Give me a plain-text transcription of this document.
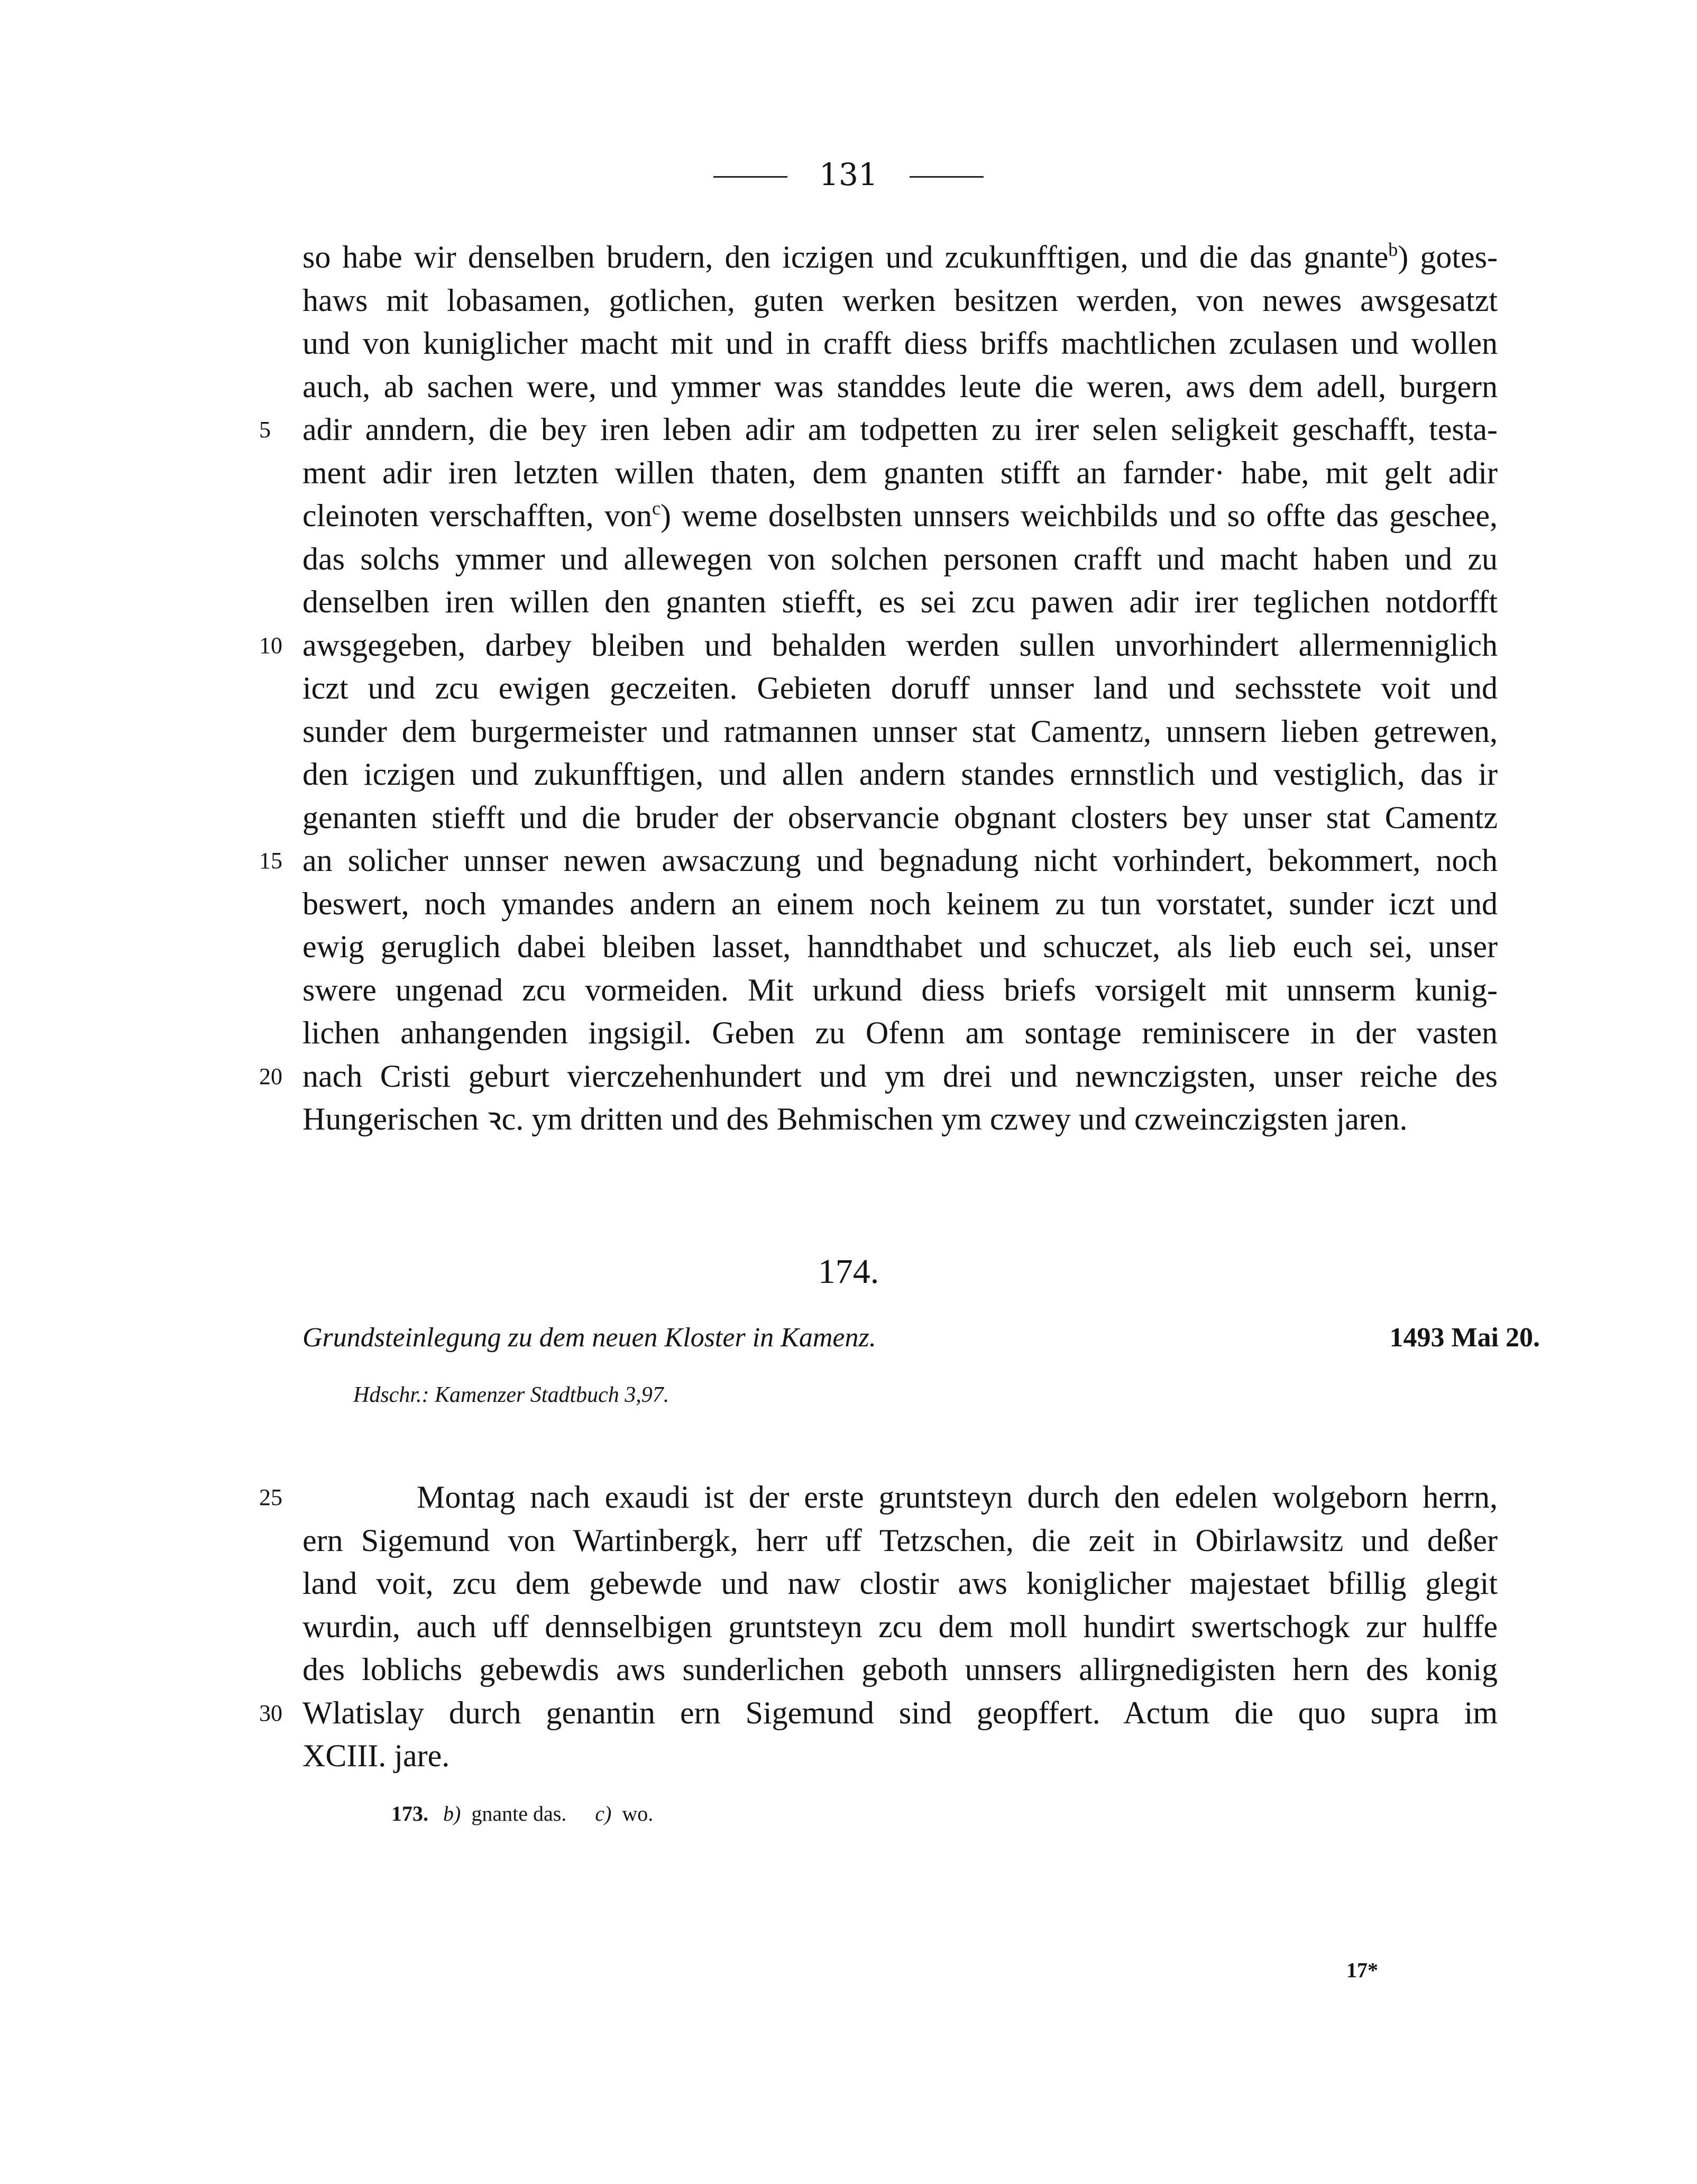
131
so habe wir denselben brudern, den iczigen und zcukunfftigen, und die das gnante$^b$) gotes-
haws mit lobasamen, gotlichen, guten werken besitzen werden, von newes awsgesatzt
und von kuniglicher macht mit und in crafft diess briffs machtlichen zculasen und wollen
auch, ab sachen were, und ymmer was standdes leute die weren, aws dem adell, burgern
5	adir anndern, die bey iren leben adir am todpetten zu irer selen seligkeit geschafft, testa-
ment adir iren letzten willen thaten, dem gnanten stifft an farnder· habe, mit gelt adir
cleinoten verschafften, von$^c$) weme doselbsten unnsers weichbilds und so offte das geschee,
das solchs ymmer und allewegen von solchen personen crafft und macht haben und zu
denselben iren willen den gnanten stiefft, es sei zcu pawen adir irer teglichen notdorfft
10 awsgegeben, darbey bleiben und behalden werden sullen unvorhindert allermenniglich
iczt und zcu ewigen geczeiten. Gebieten doruff unnser land und sechsstete voit und
sunder dem burgermeister und ratmannen unnser stat Camentz, unnsern lieben getrewen,
den iczigen und zukunfftigen, und allen andern standes ernnstlich und vestiglich, das ir
genanten stiefft und die bruder der observancie obgnant closters bey unser stat Camentz
15 an solicher unnser newen awsaczung und begnadung nicht vorhindert, bekommert, noch
beswert, noch ymandes andern an einem noch keinem zu tun vorstatet, sunder iczt und
ewig geruglich dabei bleiben lasset, hanndthabet und schuczet, als lieb euch sei, unser
swere ungenad zcu vormeiden. Mit urkund diess briefs vorsigelt mit unnserm kunig-
lichen anhangenden ingsigil. Geben zu Ofenn am sontage reminiscere in der vasten
20 nach Cristi geburt vierczehenhundert und ym drei und newnczigsten, unser reiche des
Hungerischen ꝛc. ym dritten und des Behmischen ym czwey und czweinczigsten jaren.
174.
Grundsteinlegung zu dem neuen Kloster in Kamenz.	1493 Mai 20.
Hdschr.: Kamenzer Stadtbuch 3,97.
25	Montag nach exaudi ist der erste gruntsteyn durch den edelen wolgeborn herrn,
ern Sigemund von Wartinbergk, herr uff Tetzschen, die zeit in Obirlawsitz und deßer
land voit, zcu dem gebewde und naw clostir aws koniglicher majestaet bfillig glegit
wurdin, auch uff dennselbigen gruntsteyn zcu dem moll hundirt swertschogk zur hulffe
des loblichs gebewdis aws sunderlichen geboth unnsers allirgnedigisten hern des konig
30 Wlatislay durch genantin ern Sigemund sind geopffert. Actum die quo supra im
XCIII. jare.
173. b) gnante das. c) wo.
17*
